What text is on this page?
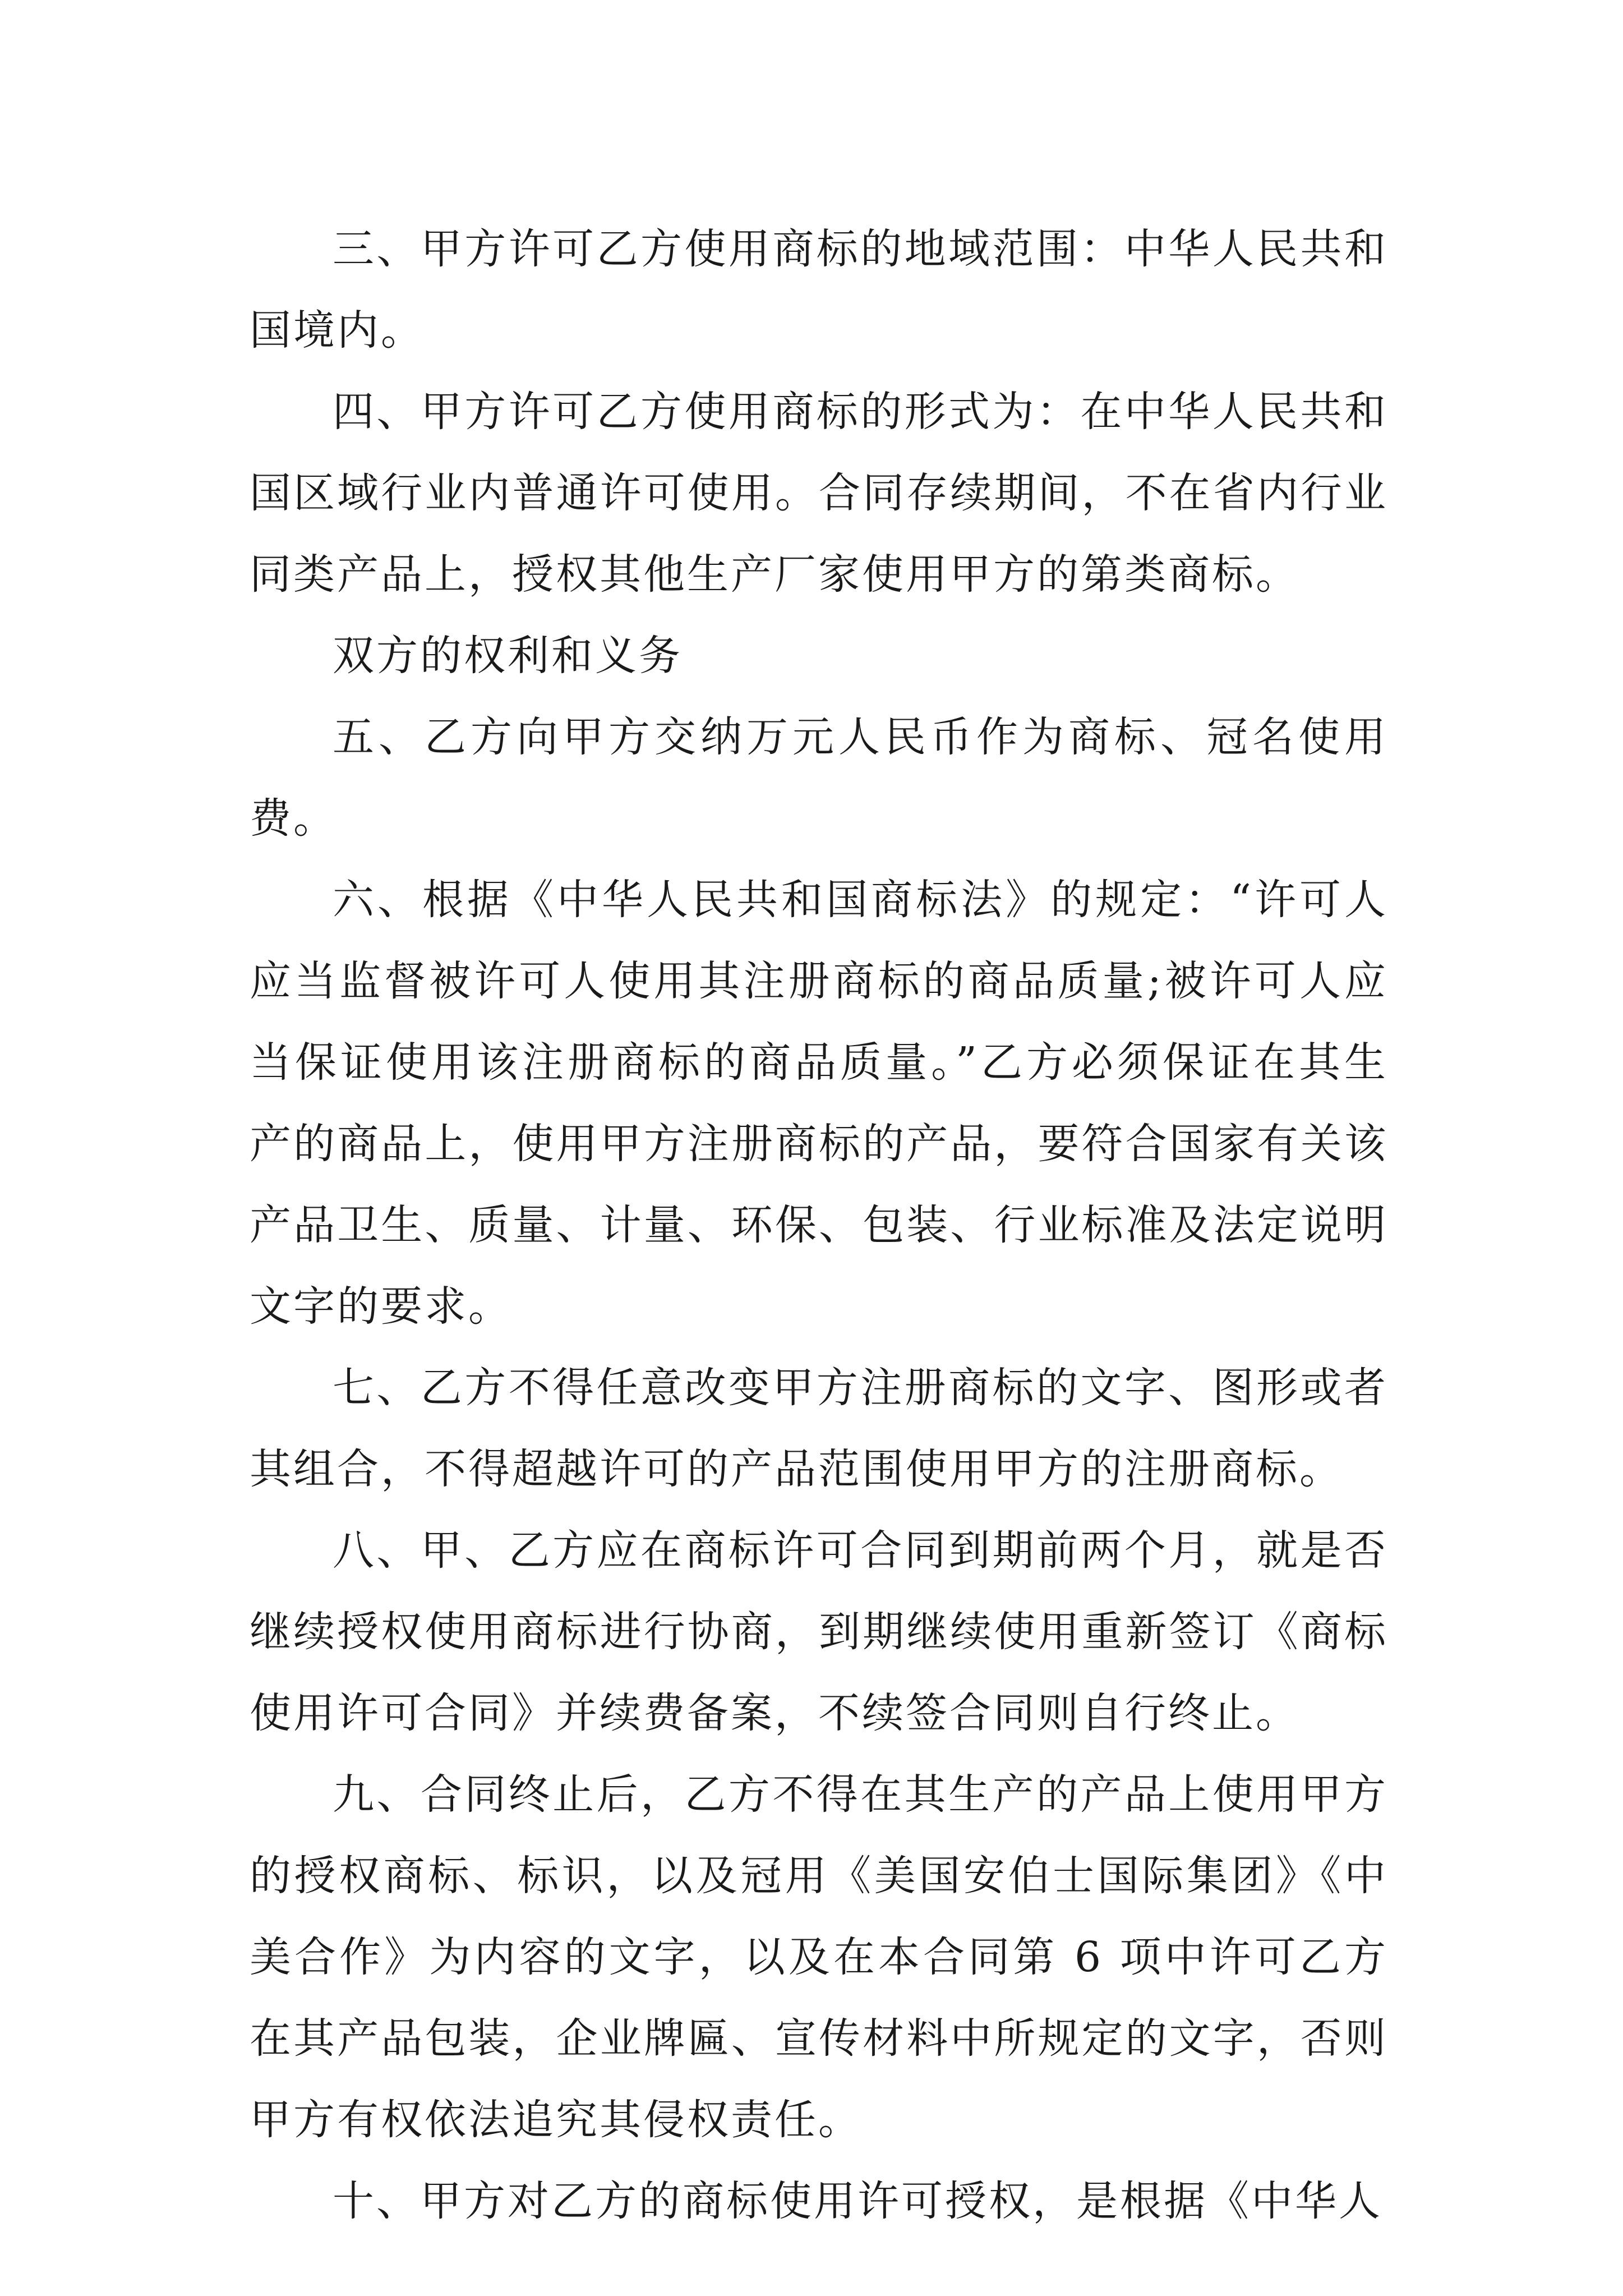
三、甲方许可乙方使用商标的地域范围：中华人民共和国境内。

四、甲方许可乙方使用商标的形式为：在中华人民共和国区域行业内普通许可使用。合同存续期间，不在省内行业同类产品上，授权其他生产厂家使用甲方的第类商标。

双方的权利和义务

五、乙方向甲方交纳万元人民币作为商标、冠名使用费。

六、根据《中华人民共和国商标法》的规定：“许可人应当监督被许可人使用其注册商标的商品质量;被许可人应当保证使用该注册商标的商品质量。”乙方必须保证在其生产的商品上，使用甲方注册商标的产品，要符合国家有关该产品卫生、质量、计量、环保、包装、行业标准及法定说明文字的要求。

七、乙方不得任意改变甲方注册商标的文字、图形或者其组合，不得超越许可的产品范围使用甲方的注册商标。

八、甲、乙方应在商标许可合同到期前两个月，就是否继续授权使用商标进行协商，到期继续使用重新签订《商标使用许可合同》并续费备案，不续签合同则自行终止。

九、合同终止后，乙方不得在其生产的产品上使用甲方的授权商标、标识，以及冠用《美国安伯士国际集团》《中美合作》为内容的文字，以及在本合同第 6 项中许可乙方在其产品包装，企业牌匾、宣传材料中所规定的文字，否则甲方有权依法追究其侵权责任。

十、甲方对乙方的商标使用许可授权，是根据《中华人
